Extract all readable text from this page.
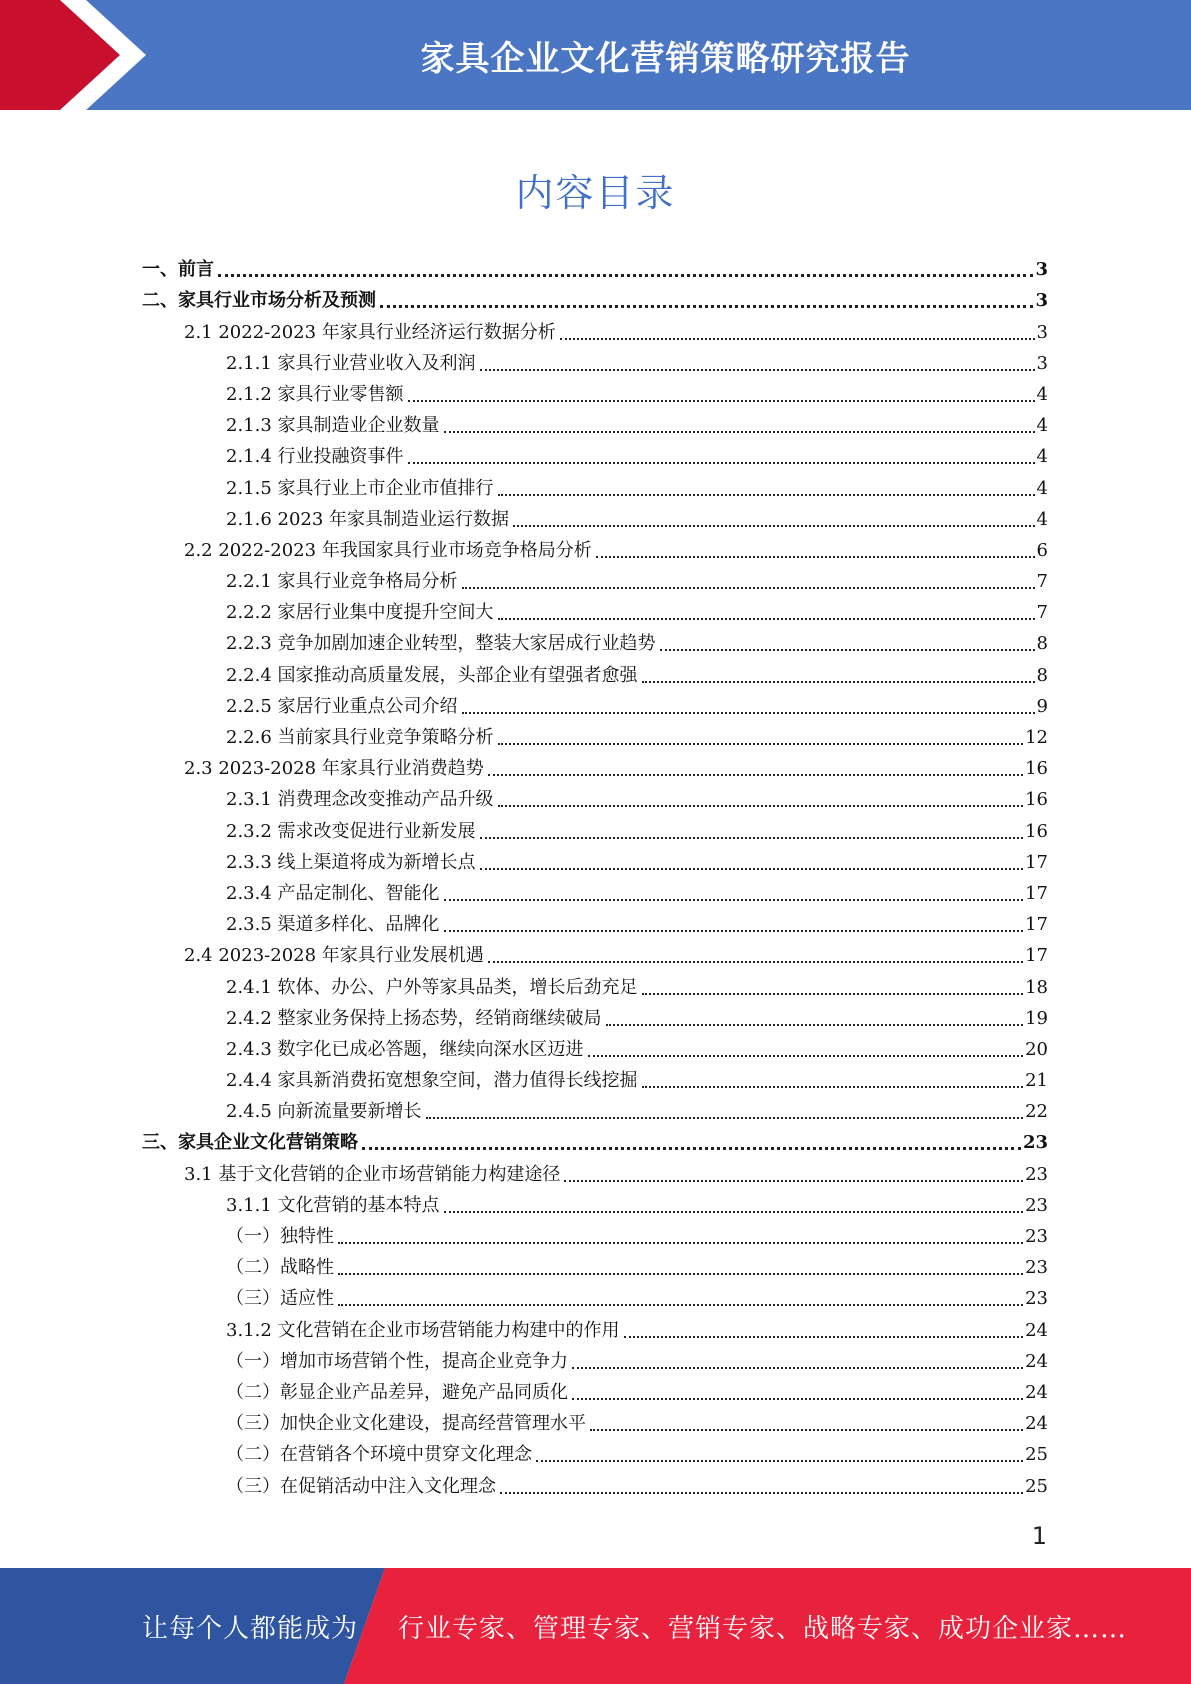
家具企业文化营销策略研究报告
内容目录
一、前言	3
二、家具行业市场分析及预测	3
2.1 2022-2023 年家具行业经济运行数据分析	3
2.1.1 家具行业营业收入及利润	3
2.1.2 家具行业零售额	4
2.1.3 家具制造业企业数量	4
2.1.4 行业投融资事件	4
2.1.5 家具行业上市企业市值排行	4
2.1.6 2023 年家具制造业运行数据	4
2.2 2022-2023 年我国家具行业市场竞争格局分析	6
2.2.1 家具行业竞争格局分析	7
2.2.2 家居行业集中度提升空间大	7
2.2.3 竞争加剧加速企业转型，整装大家居成行业趋势	8
2.2.4 国家推动高质量发展，头部企业有望强者愈强	8
2.2.5 家居行业重点公司介绍	9
2.2.6 当前家具行业竞争策略分析	12
2.3 2023-2028 年家具行业消费趋势	16
2.3.1 消费理念改变推动产品升级	16
2.3.2 需求改变促进行业新发展	16
2.3.3 线上渠道将成为新增长点	17
2.3.4 产品定制化、智能化	17
2.3.5 渠道多样化、品牌化	17
2.4 2023-2028 年家具行业发展机遇	17
2.4.1 软体、办公、户外等家具品类，增长后劲充足	18
2.4.2 整家业务保持上扬态势，经销商继续破局	19
2.4.3 数字化已成必答题，继续向深水区迈进	20
2.4.4 家具新消费拓宽想象空间，潜力值得长线挖掘	21
2.4.5 向新流量要新增长	22
三、家具企业文化营销策略	23
3.1 基于文化营销的企业市场营销能力构建途径	23
3.1.1 文化营销的基本特点	23
（一）独特性	23
（二）战略性	23
（三）适应性	23
3.1.2 文化营销在企业市场营销能力构建中的作用	24
（一）增加市场营销个性，提高企业竞争力	24
（二）彰显企业产品差异，避免产品同质化	24
（三）加快企业文化建设，提高经营管理水平	24
（二）在营销各个环境中贯穿文化理念	25
（三）在促销活动中注入文化理念	25
1
让每个人都能成为 行业专家、管理专家、营销专家、战略专家、成功企业家……
